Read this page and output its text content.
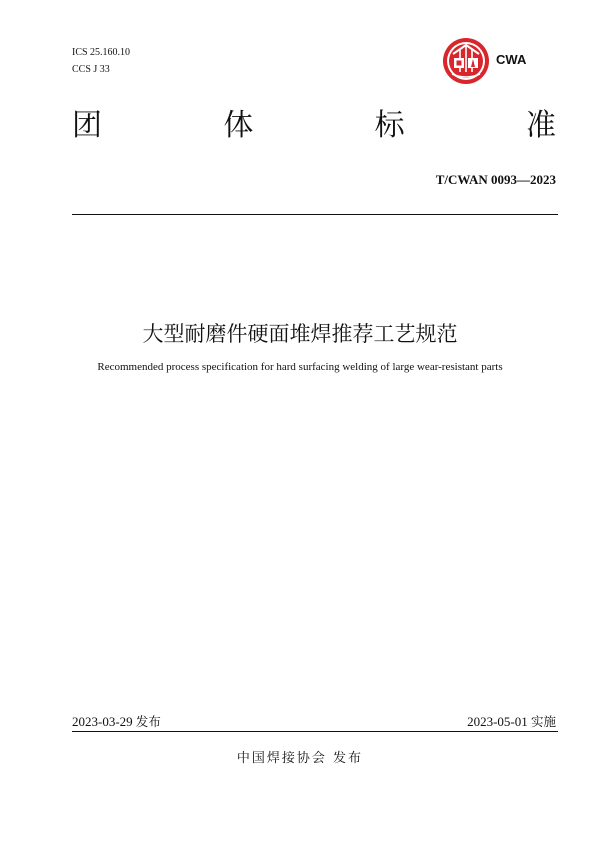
ICS 25.160.10
CCS J 33
CWA
团	体	标	准
T/CWAN 0093—2023
大型耐磨件硬面堆焊推荐工艺规范
Recommended process specification for hard surfacing welding of large wear-resistant parts
2023-03-29 发布	2023-05-01 实施
中国焊接协会 发布
